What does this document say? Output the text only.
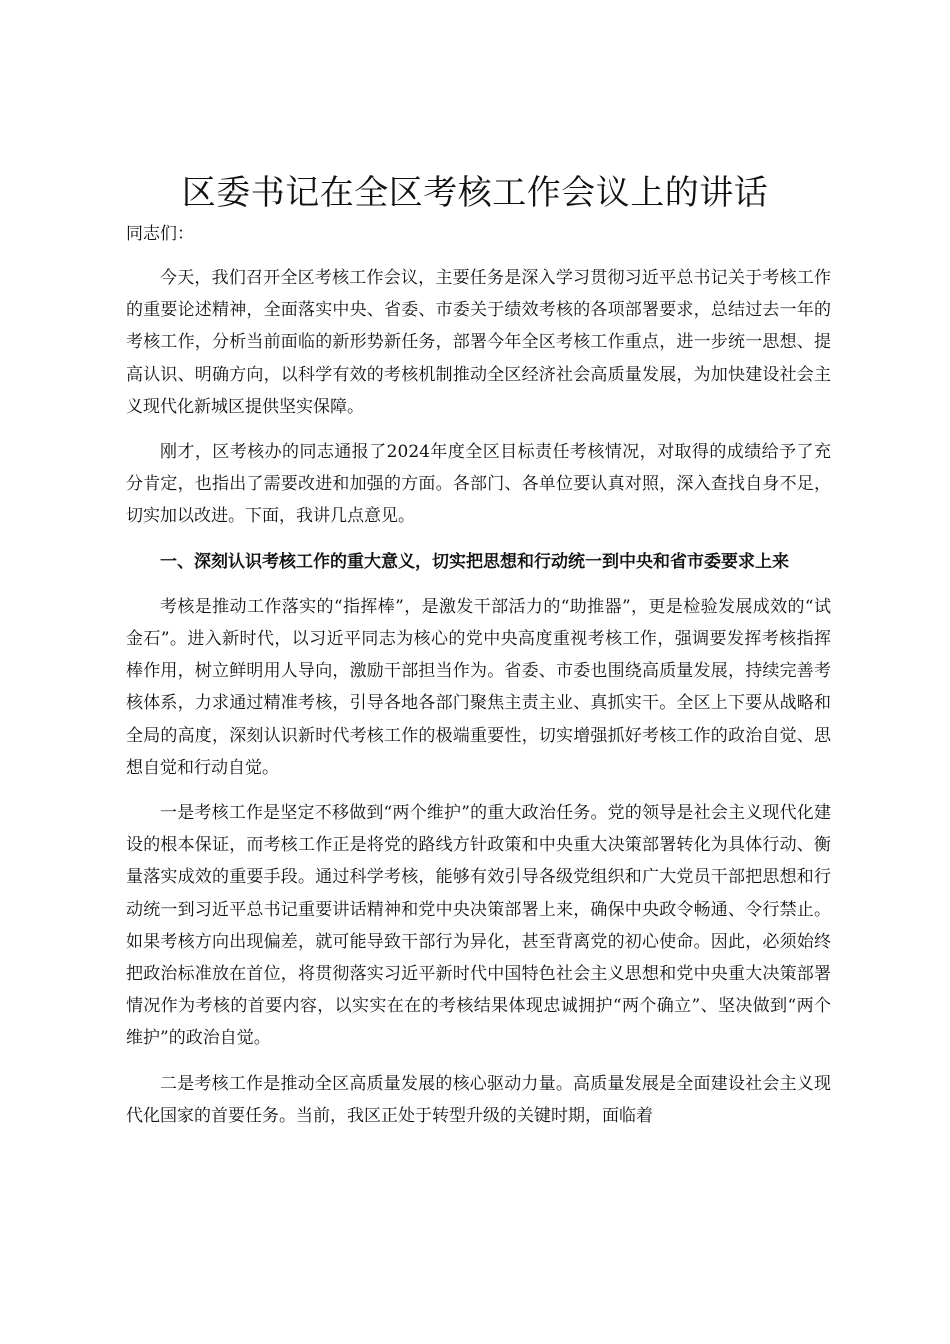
区委书记在全区考核工作会议上的讲话

同志们：

今天，我们召开全区考核工作会议，主要任务是深入学习贯彻习近平总书记关于考核工作的重要论述精神，全面落实中央、省委、市委关于绩效考核的各项部署要求，总结过去一年的考核工作，分析当前面临的新形势新任务，部署今年全区考核工作重点，进一步统一思想、提高认识、明确方向，以科学有效的考核机制推动全区经济社会高质量发展，为加快建设社会主义现代化新城区提供坚实保障。

刚才，区考核办的同志通报了2024年度全区目标责任考核情况，对取得的成绩给予了充分肯定，也指出了需要改进和加强的方面。各部门、各单位要认真对照，深入查找自身不足，切实加以改进。下面，我讲几点意见。

一、深刻认识考核工作的重大意义，切实把思想和行动统一到中央和省市委要求上来

考核是推动工作落实的“指挥棒”，是激发干部活力的“助推器”，更是检验发展成效的“试金石”。进入新时代，以习近平同志为核心的党中央高度重视考核工作，强调要发挥考核指挥棒作用，树立鲜明用人导向，激励干部担当作为。省委、市委也围绕高质量发展，持续完善考核体系，力求通过精准考核，引导各地各部门聚焦主责主业、真抓实干。全区上下要从战略和全局的高度，深刻认识新时代考核工作的极端重要性，切实增强抓好考核工作的政治自觉、思想自觉和行动自觉。

一是考核工作是坚定不移做到“两个维护”的重大政治任务。党的领导是社会主义现代化建设的根本保证，而考核工作正是将党的路线方针政策和中央重大决策部署转化为具体行动、衡量落实成效的重要手段。通过科学考核，能够有效引导各级党组织和广大党员干部把思想和行动统一到习近平总书记重要讲话精神和党中央决策部署上来，确保中央政令畅通、令行禁止。如果考核方向出现偏差，就可能导致干部行为异化，甚至背离党的初心使命。因此，必须始终把政治标准放在首位，将贯彻落实习近平新时代中国特色社会主义思想和党中央重大决策部署情况作为考核的首要内容，以实实在在的考核结果体现忠诚拥护“两个确立”、坚决做到“两个维护”的政治自觉。

二是考核工作是推动全区高质量发展的核心驱动力量。高质量发展是全面建设社会主义现代化国家的首要任务。当前，我区正处于转型升级的关键时期，面临着
